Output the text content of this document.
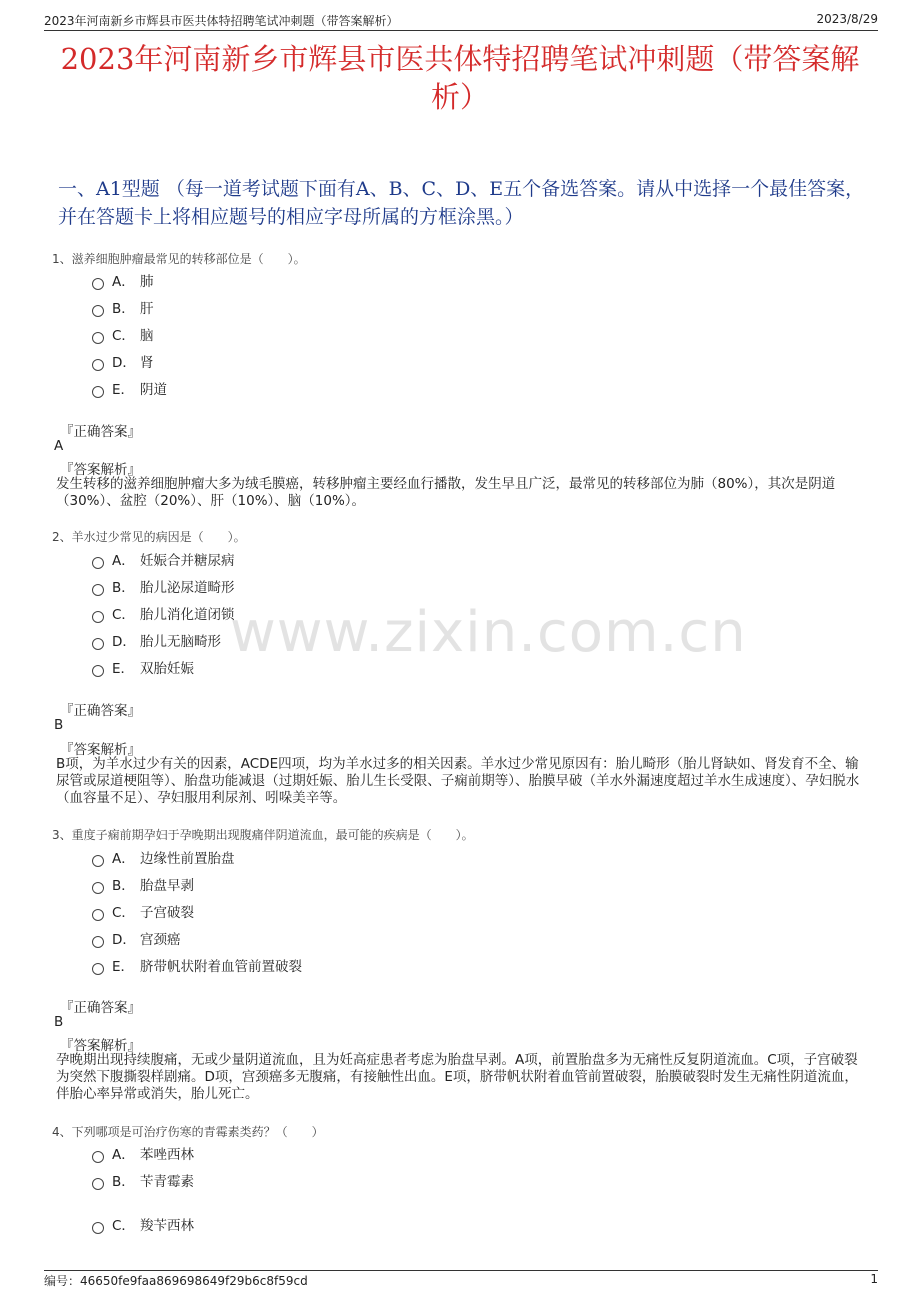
2023年河南新乡市辉县市医共体特招聘笔试冲刺题（带答案解析）	2023/8/29
2023年河南新乡市辉县市医共体特招聘笔试冲刺题（带答案解析）
一、A1型题 （每一道考试题下面有A、B、C、D、E五个备选答案。请从中选择一个最佳答案，并在答题卡上将相应题号的相应字母所属的方框涂黑。）
www.zixin.com.cn
1、滋养细胞肿瘤最常见的转移部位是（　　）。
A． 肺
B． 肝
C． 脑
D． 肾
E． 阴道
『正确答案』
A
『答案解析』
发生转移的滋养细胞肿瘤大多为绒毛膜癌，转移肿瘤主要经血行播散，发生早且广泛，最常见的转移部位为肺（80%），其次是阴道（30%）、盆腔（20%）、肝（10%）、脑（10%）。
2、羊水过少常见的病因是（　　）。
A． 妊娠合并糖尿病
B． 胎儿泌尿道畸形
C． 胎儿消化道闭锁
D． 胎儿无脑畸形
E． 双胎妊娠
『正确答案』
B
『答案解析』
B项，为羊水过少有关的因素，ACDE四项，均为羊水过多的相关因素。羊水过少常见原因有：胎儿畸形（胎儿肾缺如、肾发育不全、输尿管或尿道梗阻等）、胎盘功能减退（过期妊娠、胎儿生长受限、子痫前期等）、胎膜早破（羊水外漏速度超过羊水生成速度）、孕妇脱水（血容量不足）、孕妇服用利尿剂、吲哚美辛等。
3、重度子痫前期孕妇于孕晚期出现腹痛伴阴道流血，最可能的疾病是（　　）。
A． 边缘性前置胎盘
B． 胎盘早剥
C． 子宫破裂
D． 宫颈癌
E． 脐带帆状附着血管前置破裂
『正确答案』
B
『答案解析』
孕晚期出现持续腹痛，无或少量阴道流血，且为妊高症患者考虑为胎盘早剥。A项，前置胎盘多为无痛性反复阴道流血。C项，子宫破裂为突然下腹撕裂样剧痛。D项，宫颈癌多无腹痛，有接触性出血。E项，脐带帆状附着血管前置破裂，胎膜破裂时发生无痛性阴道流血，伴胎心率异常或消失，胎儿死亡。
4、下列哪项是可治疗伤寒的青霉素类药？（　　）
A． 苯唑西林
B． 苄青霉素
C． 羧苄西林
编号：46650fe9faa869698649f29b6c8f59cd	1
